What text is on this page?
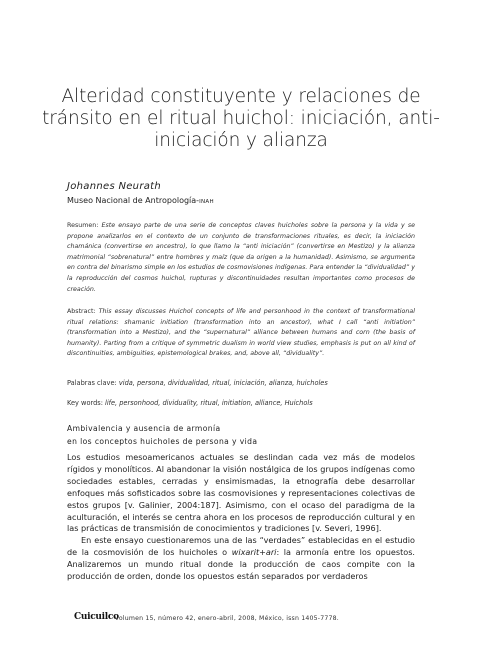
Alteridad constituyente y relaciones de tránsito en el ritual huichol: iniciación, anti-iniciación y alianza
Johannes Neurath
Museo Nacional de Antropología-INAH
Resumen: Este ensayo parte de una serie de conceptos claves huicholes sobre la persona y la vida y se propone analizarlos en el contexto de un conjunto de transformaciones rituales, es decir, la iniciación chamánica (convertirse en ancestro), lo que llamo la “anti iniciación” (convertirse en Mestizo) y la alianza matrimonial “sobrenatural” entre hombres y maíz (que da origen a la humanidad). Asimismo, se argumenta en contra del binarismo simple en los estudios de cosmovisiones indígenas. Para entender la “dividualidad” y la reproducción del cosmos huichol, rupturas y discontinuidades resultan importantes como procesos de creación.
Abstract: This essay discusses Huichol concepts of life and personhood in the context of transformational ritual relations: shamanic initiation (transformation into an ancestor), what I call “anti initiation” (transformation into a Mestizo), and the “supernatural” alliance between humans and corn (the basis of humanity). Parting from a critique of symmetric dualism in world view studies, emphasis is put on all kind of discontinuities, ambiguities, epistemological brakes, and, above all, “dividuality”.
Palabras clave: vida, persona, dividualidad, ritual, iniciación, alianza, huicholes
Key words: life, personhood, dividuality, ritual, initiation, alliance, Huichols
Ambivalencia y ausencia de armonía
en los conceptos huicholes de persona y vida

Los estudios mesoamericanos actuales se deslindan cada vez más de modelos rígidos y monolíticos. Al abandonar la visión nostálgica de los grupos indígenas como sociedades estables, cerradas y ensimismadas, la etnografía debe desarrollar enfoques más sofisticados sobre las cosmovisiones y representaciones colectivas de estos grupos [v. Galinier, 2004:187]. Asimismo, con el ocaso del paradigma de la aculturación, el interés se centra ahora en los procesos de reproducción cultural y en las prácticas de transmisión de conocimientos y tradiciones [v. Severi, 1996].

En este ensayo cuestionaremos una de las “verdades” establecidas en el estudio de la cosmovisión de los huicholes o wixarit+ari: la armonía entre los opuestos. Analizaremos un mundo ritual donde la producción de caos compite con la producción de orden, donde los opuestos están separados por verdaderos

Cuicuilco
volumen 15, número 42, enero-abril, 2008, México, issn 1405-7778.
